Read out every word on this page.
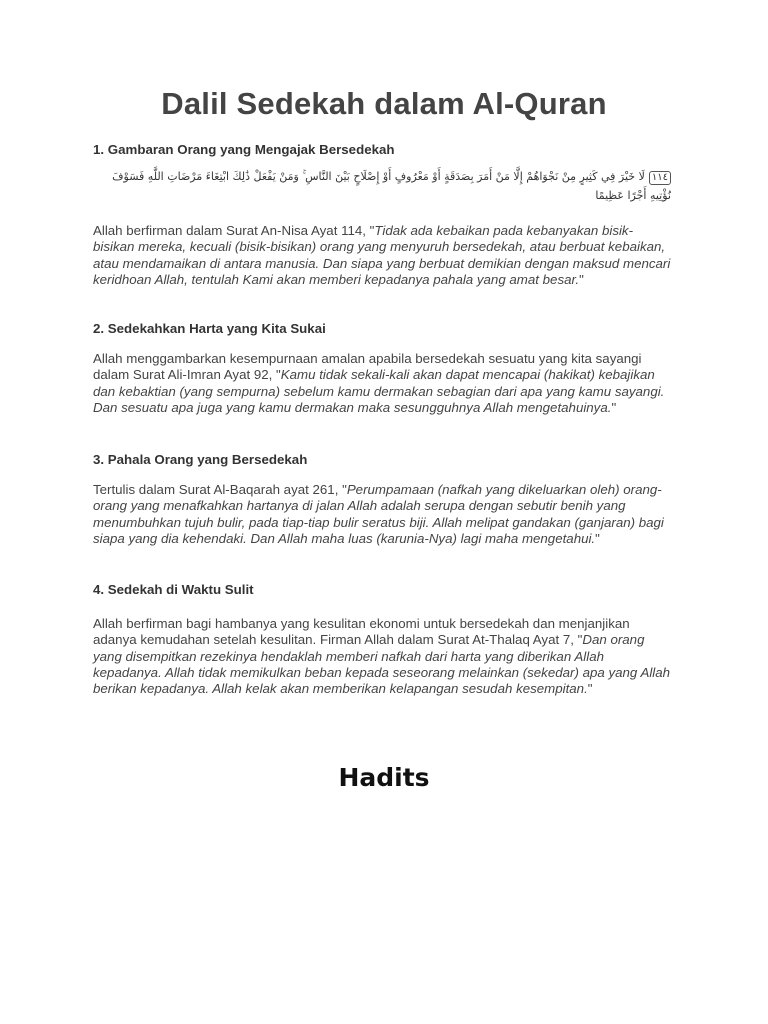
Dalil Sedekah dalam Al-Quran

1. Gambaran Orang yang Mengajak Bersedekah

١١٤لَا خَيْرَ فِي كَثِيرٍ مِنْ نَجْوَاهُمْ إِلَّا مَنْ أَمَرَ بِصَدَقَةٍ أَوْ مَعْرُوفٍ أَوْ إِصْلَاحٍ بَيْنَ النَّاسِ ۚ وَمَنْ يَفْعَلْ ذَٰلِكَ ابْتِغَاءَ مَرْضَاتِ اللَّهِ فَسَوْفَ نُؤْتِيهِ أَجْرًا عَظِيمًا

Allah berfirman dalam Surat An-Nisa Ayat 114, "Tidak ada kebaikan pada kebanyakan bisik-bisikan mereka, kecuali (bisik-bisikan) orang yang menyuruh bersedekah, atau berbuat kebaikan, atau mendamaikan di antara manusia. Dan siapa yang berbuat demikian dengan maksud mencari keridhoan Allah, tentulah Kami akan memberi kepadanya pahala yang amat besar."

2. Sedekahkan Harta yang Kita Sukai

Allah menggambarkan kesempurnaan amalan apabila bersedekah sesuatu yang kita sayangi dalam Surat Ali-Imran Ayat 92, "Kamu tidak sekali-kali akan dapat mencapai (hakikat) kebajikan dan kebaktian (yang sempurna) sebelum kamu dermakan sebagian dari apa yang kamu sayangi. Dan sesuatu apa juga yang kamu dermakan maka sesungguhnya Allah mengetahuinya."

3. Pahala Orang yang Bersedekah

Tertulis dalam Surat Al-Baqarah ayat 261, "Perumpamaan (nafkah yang dikeluarkan oleh) orang-orang yang menafkahkan hartanya di jalan Allah adalah serupa dengan sebutir benih yang menumbuhkan tujuh bulir, pada tiap-tiap bulir seratus biji. Allah melipat gandakan (ganjaran) bagi siapa yang dia kehendaki. Dan Allah maha luas (karunia-Nya) lagi maha mengetahui."

4. Sedekah di Waktu Sulit

Allah berfirman bagi hambanya yang kesulitan ekonomi untuk bersedekah dan menjanjikan adanya kemudahan setelah kesulitan. Firman Allah dalam Surat At-Thalaq Ayat 7, "Dan orang yang disempitkan rezekinya hendaklah memberi nafkah dari harta yang diberikan Allah kepadanya. Allah tidak memikulkan beban kepada seseorang melainkan (sekedar) apa yang Allah berikan kepadanya. Allah kelak akan memberikan kelapangan sesudah kesempitan."

Hadits
